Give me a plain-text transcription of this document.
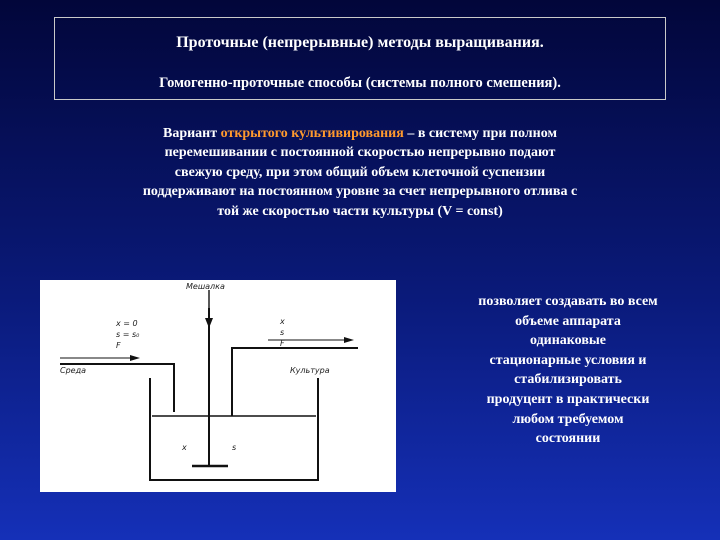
Проточные (непрерывные) методы выращивания.
Гомогенно-проточные способы (системы полного смешения).
Вариант открытого культивирования – в систему при полном
перемешивании с постоянной скоростью непрерывно подают
свежую среду, при этом общий объем клеточной суспензии
поддерживают на постоянном уровне за счет непрерывного отлива с
той же скоростью части культуры (V = const)
Мешалка
Среда	Культура
x = 0
s = s₀
F
x
s
F
x	s
позволяет создавать во всем
объеме аппарата
одинаковые
стационарные условия и
стабилизировать
продуцент в практически
любом требуемом
состоянии
